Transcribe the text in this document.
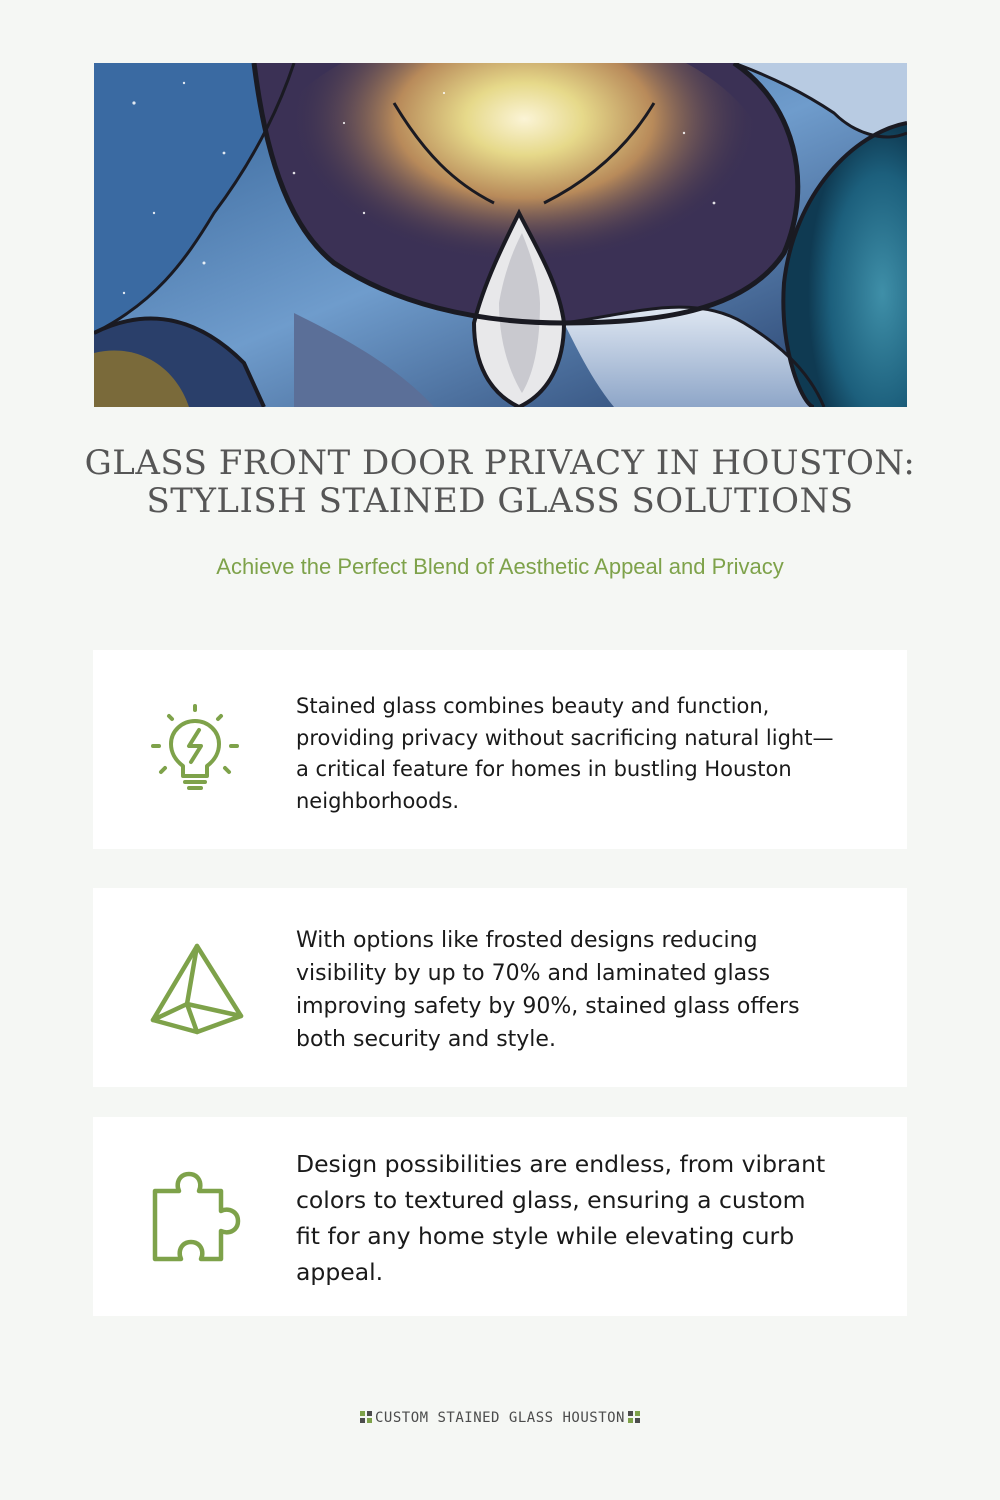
GLASS FRONT DOOR PRIVACY IN HOUSTON:
STYLISH STAINED GLASS SOLUTIONS
Achieve the Perfect Blend of Aesthetic Appeal and Privacy
Stained glass combines beauty and function, providing privacy without sacrificing natural light—a critical feature for homes in bustling Houston neighborhoods.
With options like frosted designs reducing visibility by up to 70% and laminated glass improving safety by 90%, stained glass offers both security and style.
Design possibilities are endless, from vibrant colors to textured glass, ensuring a custom fit for any home style while elevating curb appeal.
CUSTOM STAINED GLASS HOUSTON
